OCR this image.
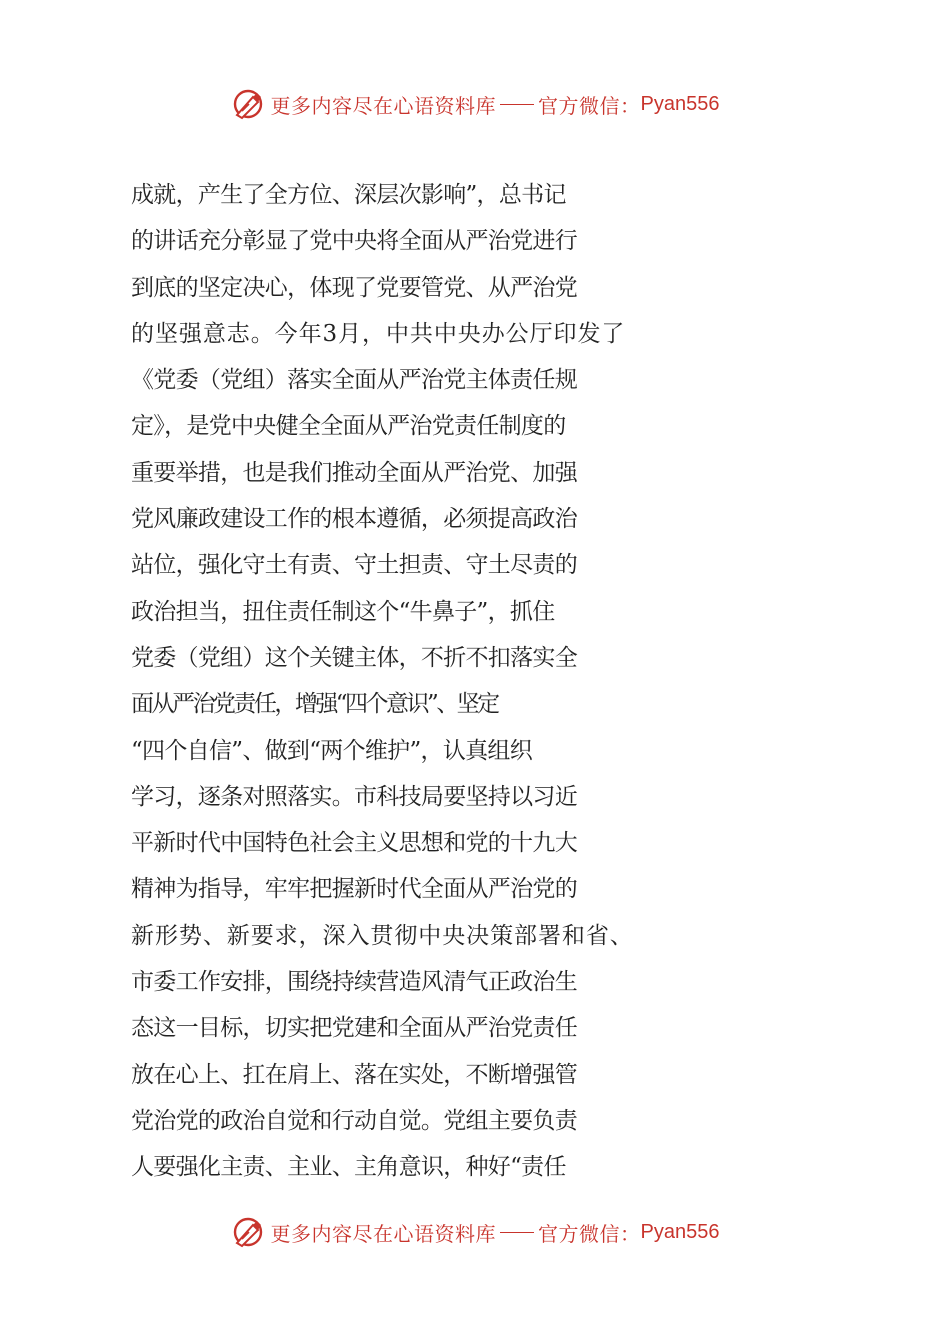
更多内容尽在心语资料库 官方微信： Pyan556
成就，产生了全方位、深层次影响”，总书记
的讲话充分彰显了党中央将全面从严治党进行
到底的坚定决心，体现了党要管党、从严治党
的坚强意志。今年3月，中共中央办公厅印发了
《党委（党组）落实全面从严治党主体责任规
定》，是党中央健全全面从严治党责任制度的
重要举措，也是我们推动全面从严治党、加强
党风廉政建设工作的根本遵循，必须提高政治
站位，强化守土有责、守土担责、守土尽责的
政治担当，扭住责任制这个“牛鼻子”，抓住
党委（党组）这个关键主体，不折不扣落实全
面从严治党责任，增强“四个意识”、坚定
“四个自信”、做到“两个维护”，认真组织
学习，逐条对照落实。市科技局要坚持以习近
平新时代中国特色社会主义思想和党的十九大
精神为指导，牢牢把握新时代全面从严治党的
新形势、新要求，深入贯彻中央决策部署和省、
市委工作安排，围绕持续营造风清气正政治生
态这一目标，切实把党建和全面从严治党责任
放在心上、扛在肩上、落在实处，不断增强管
党治党的政治自觉和行动自觉。党组主要负责
人要强化主责、主业、主角意识，种好“责任
更多内容尽在心语资料库 官方微信： Pyan556
